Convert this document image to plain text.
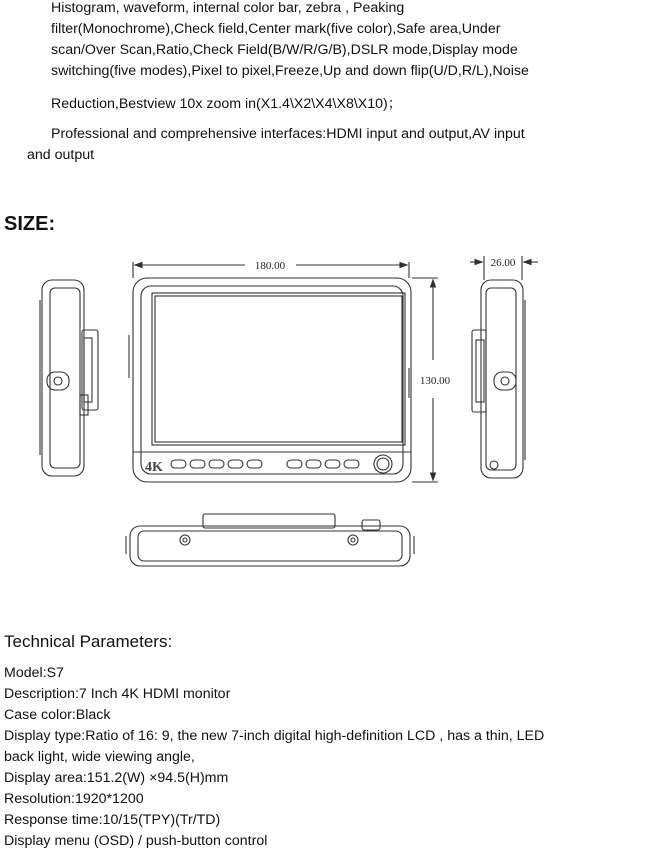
Histogram, waveform, internal color bar, zebra , Peaking
filter(Monochrome),Check field,Center mark(five color),Safe area,Under
scan/Over Scan,Ratio,Check Field(B/W/R/G/B),DSLR mode,Display mode
switching(five modes),Pixel to pixel,Freeze,Up and down flip(U/D,R/L),Noise
Reduction,Bestview 10x zoom in(X1.4\X2\X4\X8\X10)；
Professional and comprehensive interfaces:HDMI input and output,AV input
and output
SIZE:
180.00
130.00
26.00
4K
Technical Parameters:
Model:S7
Description:7 Inch 4K HDMI monitor
Case color:Black
Display type:Ratio of 16: 9, the new 7-inch digital high-definition LCD , has a thin, LED
back light, wide viewing angle,
Display area:151.2(W) ×94.5(H)mm
Resolution:1920*1200
Response time:10/15(TPY)(Tr/TD)
Display menu (OSD) / push-button control
